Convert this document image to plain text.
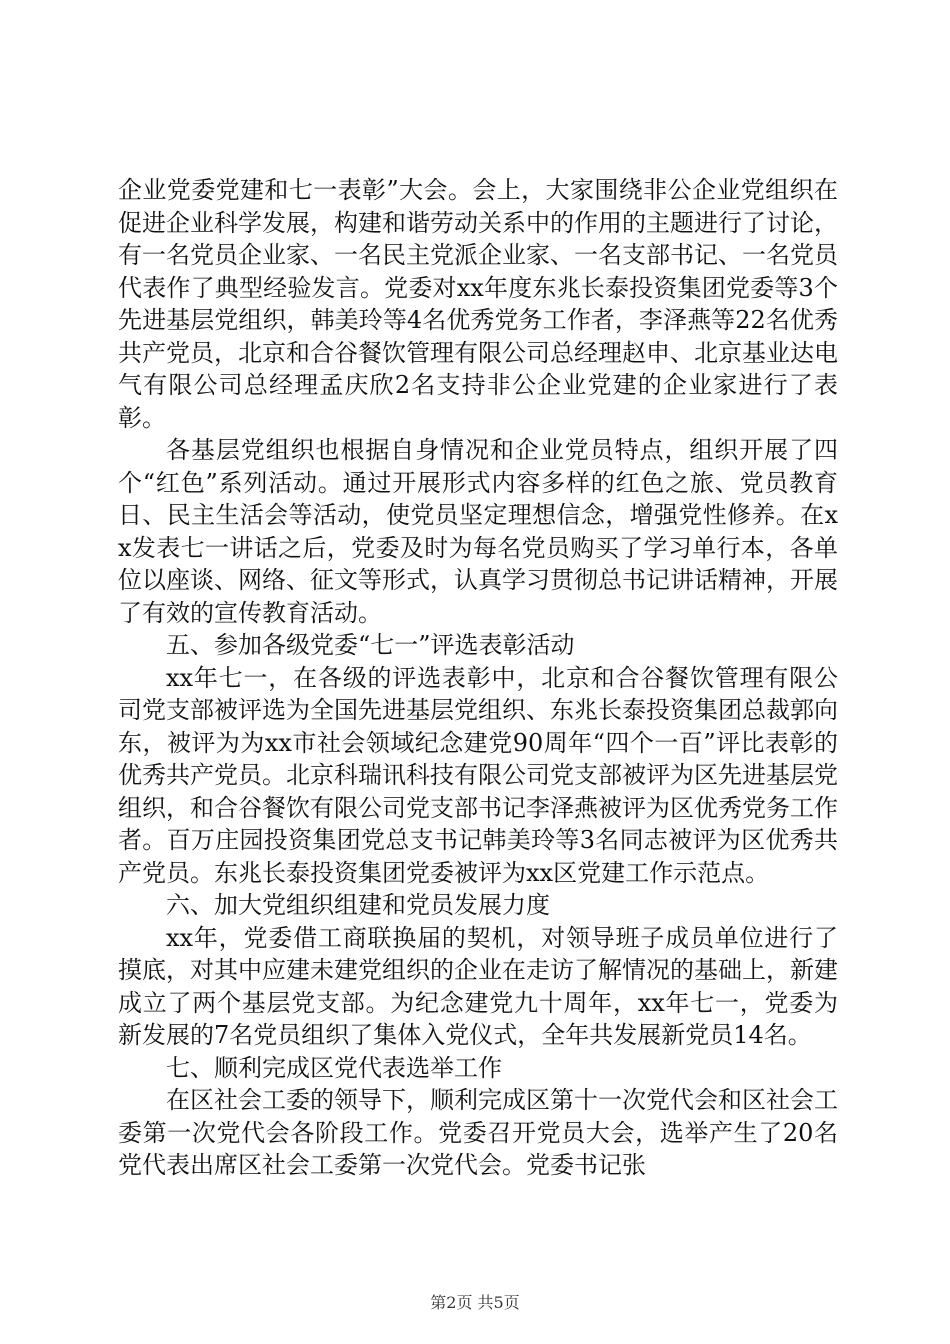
企业党委党建和七一表彰”大会。会上，大家围绕非公企业党组织在促进企业科学发展，构建和谐劳动关系中的作用的主题进行了讨论，有一名党员企业家、一名民主党派企业家、一名支部书记、一名党员代表作了典型经验发言。党委对xx年度东兆长泰投资集团党委等3个先进基层党组织，韩美玲等4名优秀党务工作者，李泽燕等22名优秀共产党员，北京和合谷餐饮管理有限公司总经理赵申、北京基业达电气有限公司总经理孟庆欣2名支持非公企业党建的企业家进行了表彰。

各基层党组织也根据自身情况和企业党员特点，组织开展了四个“红色”系列活动。通过开展形式内容多样的红色之旅、党员教育日、民主生活会等活动，使党员坚定理想信念，增强党性修养。在xx发表七一讲话之后，党委及时为每名党员购买了学习单行本，各单位以座谈、网络、征文等形式，认真学习贯彻总书记讲话精神，开展了有效的宣传教育活动。

五、参加各级党委“七一”评选表彰活动

xx年七一，在各级的评选表彰中，北京和合谷餐饮管理有限公司党支部被评选为全国先进基层党组织、东兆长泰投资集团总裁郭向东，被评为为xx市社会领域纪念建党90周年“四个一百”评比表彰的优秀共产党员。北京科瑞讯科技有限公司党支部被评为区先进基层党组织，和合谷餐饮有限公司党支部书记李泽燕被评为区优秀党务工作者。百万庄园投资集团党总支书记韩美玲等3名同志被评为区优秀共产党员。东兆长泰投资集团党委被评为xx区党建工作示范点。

六、加大党组织组建和党员发展力度

xx年，党委借工商联换届的契机，对领导班子成员单位进行了摸底，对其中应建未建党组织的企业在走访了解情况的基础上，新建成立了两个基层党支部。为纪念建党九十周年，xx年七一，党委为新发展的7名党员组织了集体入党仪式，全年共发展新党员14名。

七、顺利完成区党代表选举工作

在区社会工委的领导下，顺利完成区第十一次党代会和区社会工委第一次党代会各阶段工作。党委召开党员大会，选举产生了20名党代表出席区社会工委第一次党代会。党委书记张

第2页 共5页
